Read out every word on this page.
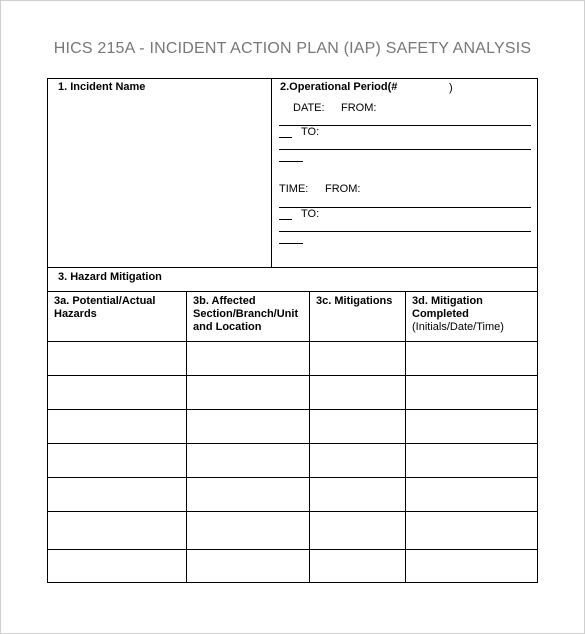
HICS 215A - INCIDENT ACTION PLAN (IAP) SAFETY ANALYSIS
1. Incident Name	2.Operational Period(#	)
DATE: FROM:
TO:
TIME: FROM:
TO:
3. Hazard Mitigation
3a. Potential/Actual
Hazards
3b. Affected
Section/Branch/Unit
and Location
3c. Mitigations 3d. Mitigation
Completed
(Initials/Date/Time)
